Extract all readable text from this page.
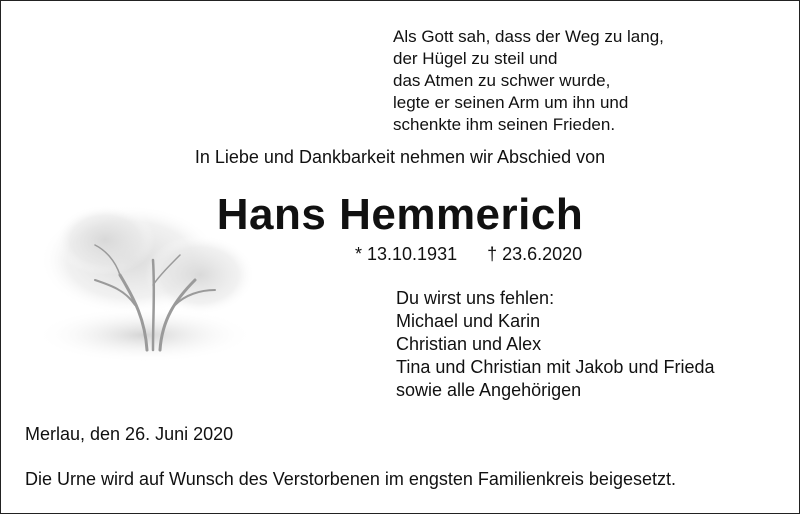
Als Gott sah, dass der Weg zu lang,
der Hügel zu steil und
das Atmen zu schwer wurde,
legte er seinen Arm um ihn und
schenkte ihm seinen Frieden.
In Liebe und Dankbarkeit nehmen wir Abschied von
Hans Hemmerich
* 13.10.1931 † 23.6.2020
Du wirst uns fehlen:
Michael und Karin
Christian und Alex
Tina und Christian mit Jakob und Frieda
sowie alle Angehörigen
Merlau, den 26. Juni 2020
Die Urne wird auf Wunsch des Verstorbenen im engsten Familienkreis beigesetzt.
